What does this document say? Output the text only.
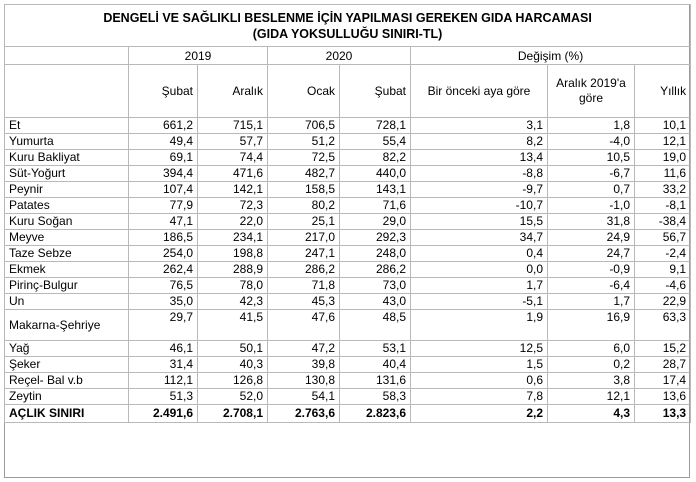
DENGELİ VE SAĞLIKLI BESLENME İÇİN YAPILMASI GEREKEN GIDA HARCAMASI
(GIDA YOKSULLUĞU SINIRI-TL)							

	2019		2020		Değişim (%)		
	Şubat	Aralık	Ocak	Şubat	Bir önceki aya göre	Aralık 2019'a göre	Yıllık
Et	661,2	715,1	706,5	728,1	3,1	1,8	10,1
Yumurta	49,4	57,7	51,2	55,4	8,2	-4,0	12,1
Kuru Bakliyat	69,1	74,4	72,5	82,2	13,4	10,5	19,0
Süt-Yoğurt	394,4	471,6	482,7	440,0	-8,8	-6,7	11,6
Peynir	107,4	142,1	158,5	143,1	-9,7	0,7	33,2
Patates	77,9	72,3	80,2	71,6	-10,7	-1,0	-8,1
Kuru Soğan	47,1	22,0	25,1	29,0	15,5	31,8	-38,4
Meyve	186,5	234,1	217,0	292,3	34,7	24,9	56,7
Taze Sebze	254,0	198,8	247,1	248,0	0,4	24,7	-2,4
Ekmek	262,4	288,9	286,2	286,2	0,0	-0,9	9,1
Pirinç-Bulgur	76,5	78,0	71,8	73,0	1,7	-6,4	-4,6
Un	35,0	42,3	45,3	43,0	-5,1	1,7	22,9
Makarna-Şehriye	29,7	41,5	47,6	48,5	1,9	16,9	63,3
Yağ	46,1	50,1	47,2	53,1	12,5	6,0	15,2
Şeker	31,4	40,3	39,8	40,4	1,5	0,2	28,7
Reçel- Bal v.b	112,1	126,8	130,8	131,6	0,6	3,8	17,4
Zeytin	51,3	52,0	54,1	58,3	7,8	12,1	13,6
AÇLIK SINIRI	2.491,6	2.708,1	2.763,6	2.823,6	2,2	4,3	13,3
